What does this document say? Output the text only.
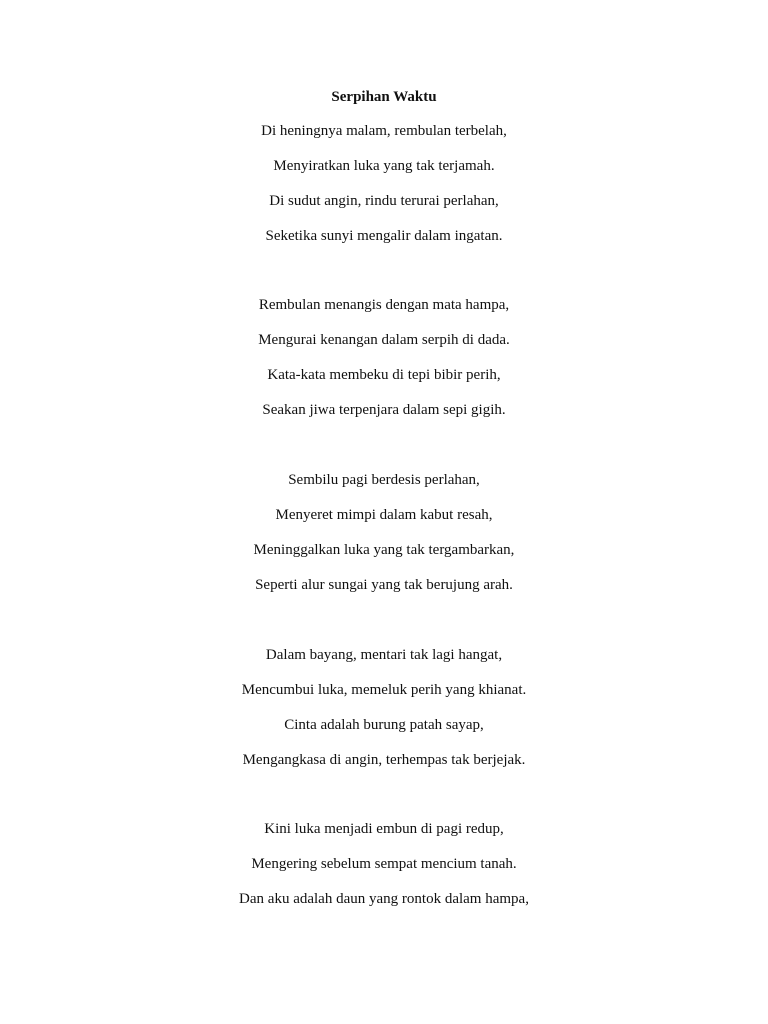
Serpihan Waktu
Di heningnya malam, rembulan terbelah,
Menyiratkan luka yang tak terjamah.
Di sudut angin, rindu terurai perlahan,
Seketika sunyi mengalir dalam ingatan.
Rembulan menangis dengan mata hampa,
Mengurai kenangan dalam serpih di dada.
Kata-kata membeku di tepi bibir perih,
Seakan jiwa terpenjara dalam sepi gigih.
Sembilu pagi berdesis perlahan,
Menyeret mimpi dalam kabut resah,
Meninggalkan luka yang tak tergambarkan,
Seperti alur sungai yang tak berujung arah.
Dalam bayang, mentari tak lagi hangat,
Mencumbui luka, memeluk perih yang khianat.
Cinta adalah burung patah sayap,
Mengangkasa di angin, terhempas tak berjejak.
Kini luka menjadi embun di pagi redup,
Mengering sebelum sempat mencium tanah.
Dan aku adalah daun yang rontok dalam hampa,
